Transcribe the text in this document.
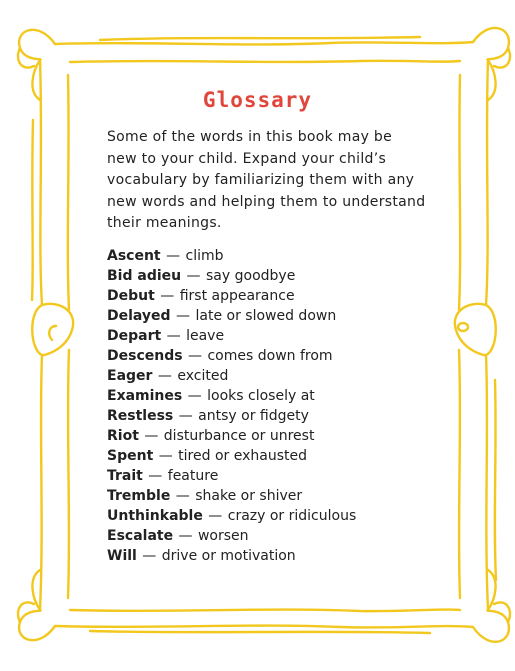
Glossary
Some of the words in this book may be
new to your child. Expand your child’s
vocabulary by familiarizing them with any
new words and helping them to understand
their meanings.
Ascent — climb
Bid adieu — say goodbye
Debut — first appearance
Delayed — late or slowed down
Depart — leave
Descends — comes down from
Eager — excited
Examines — looks closely at
Restless — antsy or fidgety
Riot — disturbance or unrest
Spent — tired or exhausted
Trait — feature
Tremble — shake or shiver
Unthinkable — crazy or ridiculous
Escalate — worsen
Will — drive or motivation
